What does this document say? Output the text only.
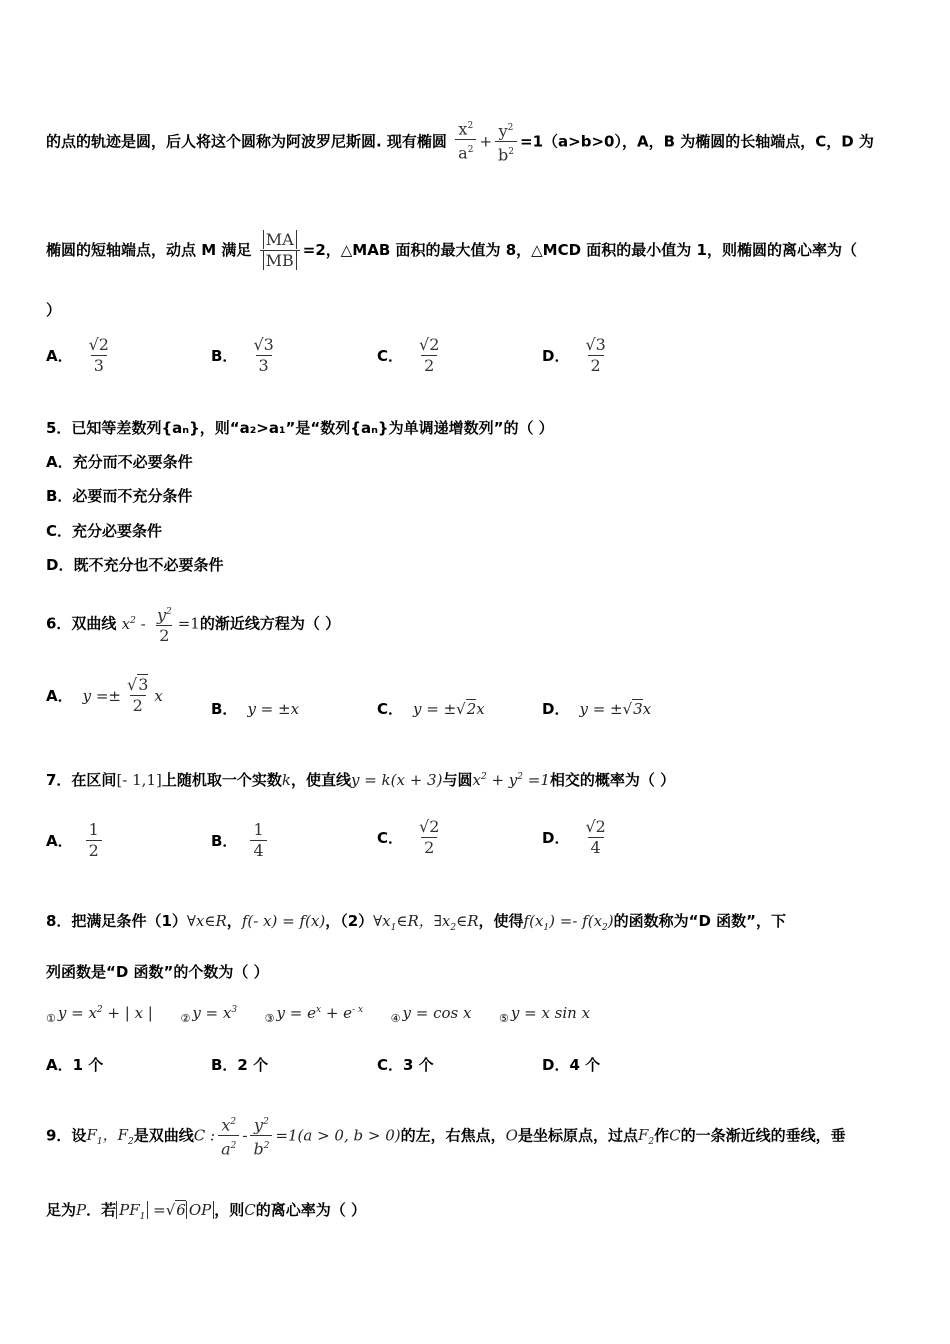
的点的轨迹是圆，后人将这个圆称为阿波罗尼斯圆. 现有椭圆 $\frac{x^2}{a^2} + \frac{y^2}{b^2} =1(a>b>0)$，A，B 为椭圆的长轴端点，C，D 为
椭圆的短轴端点，动点 M 满足 $\frac{MA}{MB} =2$，△MAB 面积的最大值为 8，△MCD 面积的最小值为 1，则椭圆的离心率为（
）
A． $\frac{√2}{3}$	B． $\frac{√3}{3}$	C． $\frac{√2}{2}$	D． $\frac{√3}{2}$
5．已知等差数列{aₙ}，则“a₂>a₁”是“数列{aₙ}为单调递增数列”的（ ）
A．充分而不必要条件
B．必要而不充分条件
C．充分必要条件
D．既不充分也不必要条件
6．双曲线 $x^2 - \frac{y^2}{2} =1$的渐近线方程为（ ）
A． $y =\pm \frac{√3}{2}$ x
B． y = ±x	C． y = ±√2x	D． y = ±√3x
7．在区间[- 1,1]上随机取一个实数k，使直线y = k(x + 3)与圆$x^2 + y^2 =1$相交的概率为（ ）
A． $\frac{1}{2}$	B． $\frac{1}{4}$	C． $\frac{√2}{2}$	D． $\frac{√2}{4}$
8．把满足条件（1）∀x∈R，f(- x) = f(x)，$(2)\forall x_1\in R$，$\exists x_2\in R$，使得$f(x_1) =- f(x_2)$的函数称为“D 函数”，下
列函数是“D 函数”的个数为（ ）
$_①$ $y = x^2$ + | x |	$_②$ $y = x^3$  $_③$ $y = e^x + e^{- x}$  $_④$ y = cos x	$_⑤$ y = x sin x
A．1 个	B．2 个	C．3 个	D．4 个
9．设$F_1$，$F_2$是双曲线C : $\frac{x^2}{a^2} - \frac{y^2}{b^2} =1(a > 0$, b > 0)的左，右焦点，O是坐标原点，过点$F_2$作C的一条渐近线的垂线，垂
足为P．若 $PF_1 =√6$ OP ，则C的离心率为（ ）
